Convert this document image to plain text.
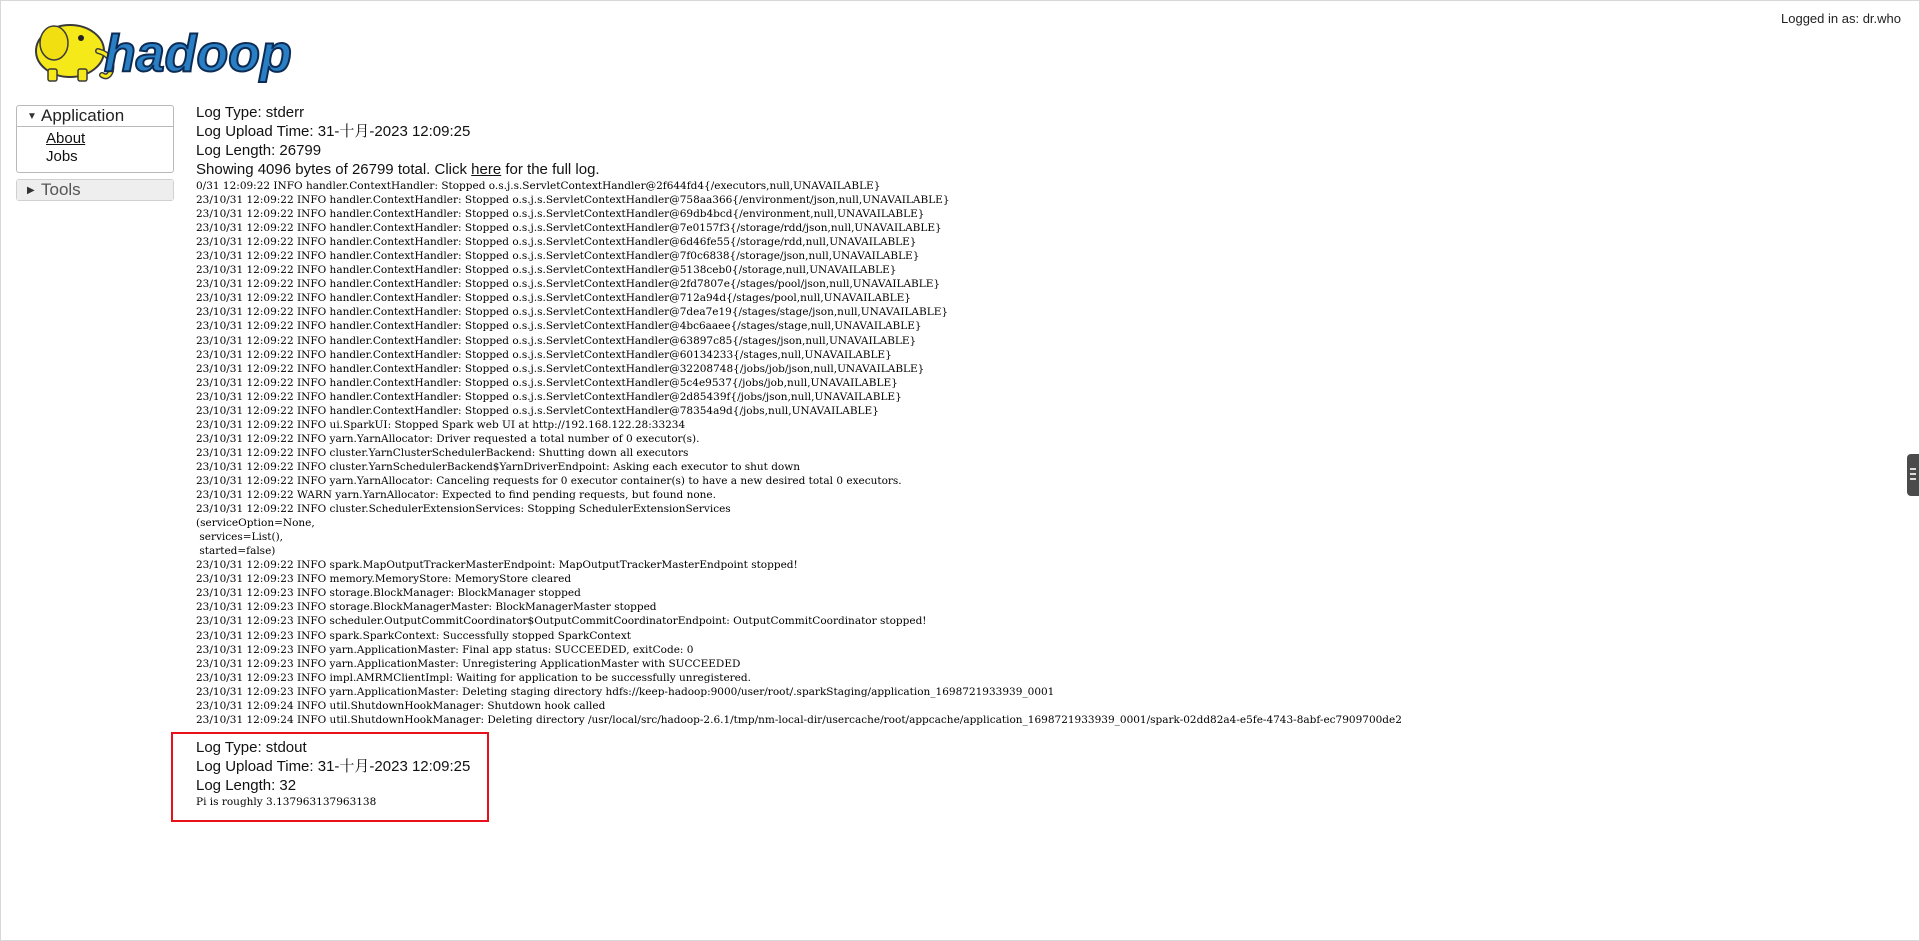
hadoop
Logged in as: dr.who
▼ Application
About
Jobs
▶ Tools
Log Type: stderr
Log Upload Time: 31-十月-2023 12:09:25
Log Length: 26799
Showing 4096 bytes of 26799 total. Click here for the full log.
0/31 12:09:22 INFO handler.ContextHandler: Stopped o.s.j.s.ServletContextHandler@2f644fd4{/executors,null,UNAVAILABLE}
23/10/31 12:09:22 INFO handler.ContextHandler: Stopped o.s.j.s.ServletContextHandler@758aa366{/environment/json,null,UNAVAILABLE}
23/10/31 12:09:22 INFO handler.ContextHandler: Stopped o.s.j.s.ServletContextHandler@69db4bcd{/environment,null,UNAVAILABLE}
23/10/31 12:09:22 INFO handler.ContextHandler: Stopped o.s.j.s.ServletContextHandler@7e0157f3{/storage/rdd/json,null,UNAVAILABLE}
23/10/31 12:09:22 INFO handler.ContextHandler: Stopped o.s.j.s.ServletContextHandler@6d46fe55{/storage/rdd,null,UNAVAILABLE}
23/10/31 12:09:22 INFO handler.ContextHandler: Stopped o.s.j.s.ServletContextHandler@7f0c6838{/storage/json,null,UNAVAILABLE}
23/10/31 12:09:22 INFO handler.ContextHandler: Stopped o.s.j.s.ServletContextHandler@5138ceb0{/storage,null,UNAVAILABLE}
23/10/31 12:09:22 INFO handler.ContextHandler: Stopped o.s.j.s.ServletContextHandler@2fd7807e{/stages/pool/json,null,UNAVAILABLE}
23/10/31 12:09:22 INFO handler.ContextHandler: Stopped o.s.j.s.ServletContextHandler@712a94d{/stages/pool,null,UNAVAILABLE}
23/10/31 12:09:22 INFO handler.ContextHandler: Stopped o.s.j.s.ServletContextHandler@7dea7e19{/stages/stage/json,null,UNAVAILABLE}
23/10/31 12:09:22 INFO handler.ContextHandler: Stopped o.s.j.s.ServletContextHandler@4bc6aaee{/stages/stage,null,UNAVAILABLE}
23/10/31 12:09:22 INFO handler.ContextHandler: Stopped o.s.j.s.ServletContextHandler@63897c85{/stages/json,null,UNAVAILABLE}
23/10/31 12:09:22 INFO handler.ContextHandler: Stopped o.s.j.s.ServletContextHandler@60134233{/stages,null,UNAVAILABLE}
23/10/31 12:09:22 INFO handler.ContextHandler: Stopped o.s.j.s.ServletContextHandler@32208748{/jobs/job/json,null,UNAVAILABLE}
23/10/31 12:09:22 INFO handler.ContextHandler: Stopped o.s.j.s.ServletContextHandler@5c4e9537{/jobs/job,null,UNAVAILABLE}
23/10/31 12:09:22 INFO handler.ContextHandler: Stopped o.s.j.s.ServletContextHandler@2d85439f{/jobs/json,null,UNAVAILABLE}
23/10/31 12:09:22 INFO handler.ContextHandler: Stopped o.s.j.s.ServletContextHandler@78354a9d{/jobs,null,UNAVAILABLE}
23/10/31 12:09:22 INFO ui.SparkUI: Stopped Spark web UI at http://192.168.122.28:33234
23/10/31 12:09:22 INFO yarn.YarnAllocator: Driver requested a total number of 0 executor(s).
23/10/31 12:09:22 INFO cluster.YarnClusterSchedulerBackend: Shutting down all executors
23/10/31 12:09:22 INFO cluster.YarnSchedulerBackend$YarnDriverEndpoint: Asking each executor to shut down
23/10/31 12:09:22 INFO yarn.YarnAllocator: Canceling requests for 0 executor container(s) to have a new desired total 0 executors.
23/10/31 12:09:22 WARN yarn.YarnAllocator: Expected to find pending requests, but found none.
23/10/31 12:09:22 INFO cluster.SchedulerExtensionServices: Stopping SchedulerExtensionServices
(serviceOption=None,
services=List(),
started=false)
23/10/31 12:09:22 INFO spark.MapOutputTrackerMasterEndpoint: MapOutputTrackerMasterEndpoint stopped!
23/10/31 12:09:23 INFO memory.MemoryStore: MemoryStore cleared
23/10/31 12:09:23 INFO storage.BlockManager: BlockManager stopped
23/10/31 12:09:23 INFO storage.BlockManagerMaster: BlockManagerMaster stopped
23/10/31 12:09:23 INFO scheduler.OutputCommitCoordinator$OutputCommitCoordinatorEndpoint: OutputCommitCoordinator stopped!
23/10/31 12:09:23 INFO spark.SparkContext: Successfully stopped SparkContext
23/10/31 12:09:23 INFO yarn.ApplicationMaster: Final app status: SUCCEEDED, exitCode: 0
23/10/31 12:09:23 INFO yarn.ApplicationMaster: Unregistering ApplicationMaster with SUCCEEDED
23/10/31 12:09:23 INFO impl.AMRMClientImpl: Waiting for application to be successfully unregistered.
23/10/31 12:09:23 INFO yarn.ApplicationMaster: Deleting staging directory hdfs://keep-hadoop:9000/user/root/.sparkStaging/application_1698721933939_0001
23/10/31 12:09:24 INFO util.ShutdownHookManager: Shutdown hook called
23/10/31 12:09:24 INFO util.ShutdownHookManager: Deleting directory /usr/local/src/hadoop-2.6.1/tmp/nm-local-dir/usercache/root/appcache/application_1698721933939_0001/spark-02dd82a4-e5fe-4743-8abf-ec7909700de2
Log Type: stdout
Log Upload Time: 31-十月-2023 12:09:25
Log Length: 32
Pi is roughly 3.137963137963138
